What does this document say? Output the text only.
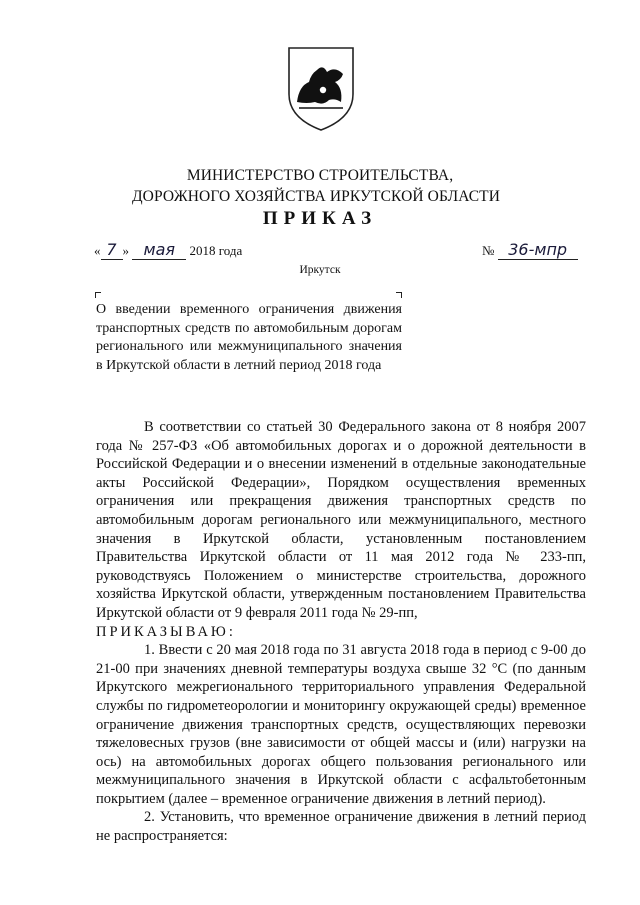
МИНИСТЕРСТВО СТРОИТЕЛЬСТВА,
ДОРОЖНОГО ХОЗЯЙСТВА ИРКУТСКОЙ ОБЛАСТИ
ПРИКАЗ
« 7 » мая 2018 года	№ 36-мпр
Иркутск
О введении временного ограничения движения транспортных средств по автомобильным дорогам регионального или межмуниципального значения в Иркутской области в летний период 2018 года

В соответствии со статьей 30 Федерального закона от 8 ноября 2007 года № 257-ФЗ «Об автомобильных дорогах и о дорожной деятельности в Российской Федерации и о внесении изменений в отдельные законодательные акты Российской Федерации», Порядком осуществления временных ограничения или прекращения движения транспортных средств по автомобильным дорогам регионального или межмуниципального, местного значения в Иркутской области, установленным постановлением Правительства Иркутской области от 11 мая 2012 года № 233-пп, руководствуясь Положением о министерстве строительства, дорожного хозяйства Иркутской области, утвержденным постановлением Правительства Иркутской области от 9 февраля 2011 года № 29-пп,

ПРИКАЗЫВАЮ:

1. Ввести с 20 мая 2018 года по 31 августа 2018 года в период с 9-00 до 21-00 при значениях дневной температуры воздуха свыше 32 °С (по данным Иркутского межрегионального территориального управления Федеральной службы по гидрометеорологии и мониторингу окружающей среды) временное ограничение движения транспортных средств, осуществляющих перевозки тяжеловесных грузов (вне зависимости от общей массы и (или) нагрузки на ось) на автомобильных дорогах общего пользования регионального или межмуниципального значения в Иркутской области с асфальтобетонным покрытием (далее – временное ограничение движения в летний период).

2. Установить, что временное ограничение движения в летний период не распространяется:
